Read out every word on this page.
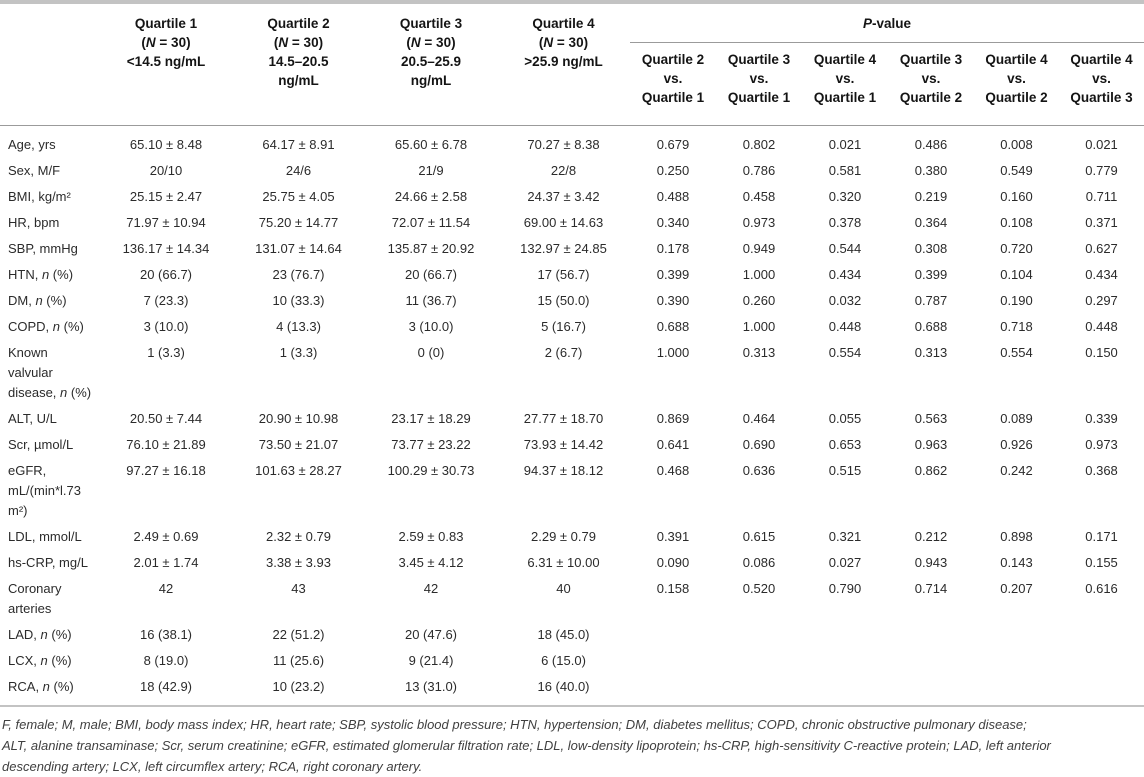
	Quartile 1
(N = 30)
<14.5 ng/mL	Quartile 2
(N = 30)
14.5–20.5
ng/mL	Quartile 3
(N = 30)
20.5–25.9
ng/mL	Quartile 4
(N = 30)
>25.9 ng/mL	P-value					
					Quartile 2
vs.
Quartile 1	Quartile 3
vs.
Quartile 1	Quartile 4
vs.
Quartile 1	Quartile 3
vs.
Quartile 2	Quartile 4
vs.
Quartile 2	Quartile 4
vs.
Quartile 3
Age, yrs	65.10 ± 8.48	64.17 ± 8.91	65.60 ± 6.78	70.27 ± 8.38	0.679	0.802	0.021	0.486	0.008	0.021
Sex, M/F	20/10	24/6	21/9	22/8	0.250	0.786	0.581	0.380	0.549	0.779
BMI, kg/m²	25.15 ± 2.47	25.75 ± 4.05	24.66 ± 2.58	24.37 ± 3.42	0.488	0.458	0.320	0.219	0.160	0.711
HR, bpm	71.97 ± 10.94	75.20 ± 14.77	72.07 ± 11.54	69.00 ± 14.63	0.340	0.973	0.378	0.364	0.108	0.371
SBP, mmHg	136.17 ± 14.34	131.07 ± 14.64	135.87 ± 20.92	132.97 ± 24.85	0.178	0.949	0.544	0.308	0.720	0.627
HTN, n (%)	20 (66.7)	23 (76.7)	20 (66.7)	17 (56.7)	0.399	1.000	0.434	0.399	0.104	0.434
DM, n (%)	7 (23.3)	10 (33.3)	11 (36.7)	15 (50.0)	0.390	0.260	0.032	0.787	0.190	0.297
COPD, n (%)	3 (10.0)	4 (13.3)	3 (10.0)	5 (16.7)	0.688	1.000	0.448	0.688	0.718	0.448
Known valvular disease, n (%)	1 (3.3)	1 (3.3)	0 (0)	2 (6.7)	1.000	0.313	0.554	0.313	0.554	0.150
ALT, U/L	20.50 ± 7.44	20.90 ± 10.98	23.17 ± 18.29	27.77 ± 18.70	0.869	0.464	0.055	0.563	0.089	0.339
Scr, µmol/L	76.10 ± 21.89	73.50 ± 21.07	73.77 ± 23.22	73.93 ± 14.42	0.641	0.690	0.653	0.963	0.926	0.973
eGFR, mL/(min*l.73 m²)	97.27 ± 16.18	101.63 ± 28.27	100.29 ± 30.73	94.37 ± 18.12	0.468	0.636	0.515	0.862	0.242	0.368
LDL, mmol/L	2.49 ± 0.69	2.32 ± 0.79	2.59 ± 0.83	2.29 ± 0.79	0.391	0.615	0.321	0.212	0.898	0.171
hs-CRP, mg/L	2.01 ± 1.74	3.38 ± 3.93	3.45 ± 4.12	6.31 ± 10.00	0.090	0.086	0.027	0.943	0.143	0.155
Coronary arteries	42	43	42	40	0.158	0.520	0.790	0.714	0.207	0.616
LAD, n (%)	16 (38.1)	22 (51.2)	20 (47.6)	18 (45.0)						
LCX, n (%)	8 (19.0)	11 (25.6)	9 (21.4)	6 (15.0)						
RCA, n (%)	18 (42.9)	10 (23.2)	13 (31.0)	16 (40.0)						
F, female; M, male; BMI, body mass index; HR, heart rate; SBP, systolic blood pressure; HTN, hypertension; DM, diabetes mellitus; COPD, chronic obstructive pulmonary disease;
ALT, alanine transaminase; Scr, serum creatinine; eGFR, estimated glomerular filtration rate; LDL, low-density lipoprotein; hs-CRP, high-sensitivity C-reactive protein; LAD, left anterior
descending artery; LCX, left circumflex artery; RCA, right coronary artery.
